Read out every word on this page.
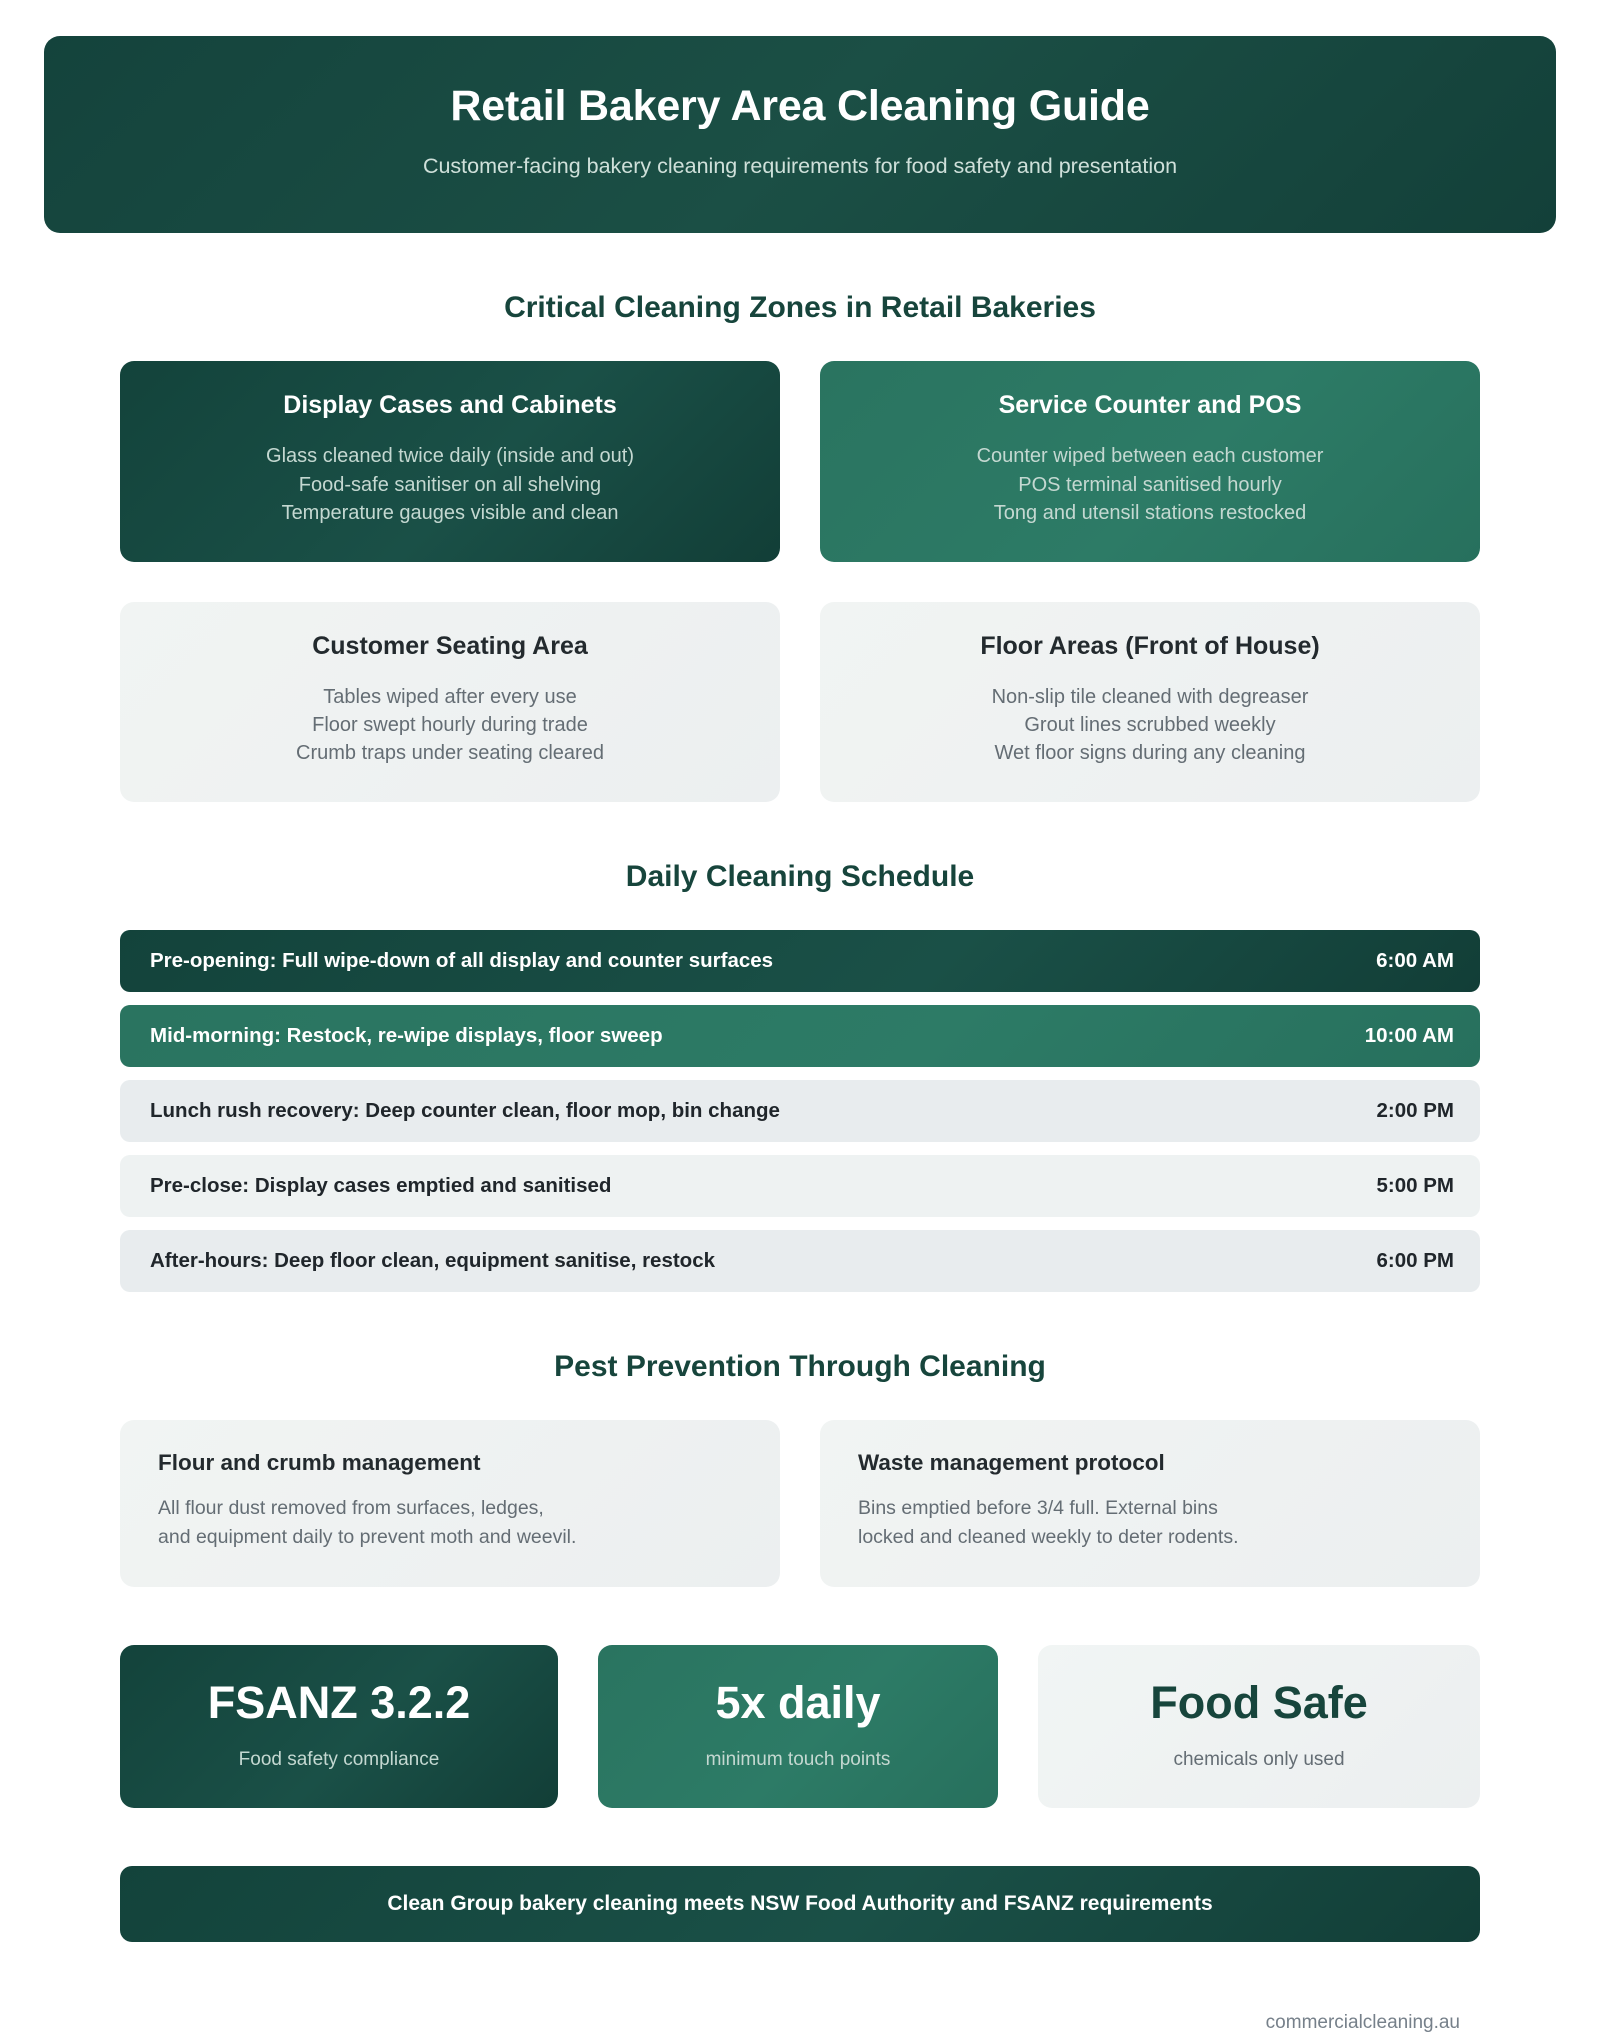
Retail Bakery Area Cleaning Guide
Customer-facing bakery cleaning requirements for food safety and presentation
Critical Cleaning Zones in Retail Bakeries
Display Cases and Cabinets
Glass cleaned twice daily (inside and out)
Food-safe sanitiser on all shelving
Temperature gauges visible and clean
Service Counter and POS
Counter wiped between each customer
POS terminal sanitised hourly
Tong and utensil stations restocked
Customer Seating Area
Tables wiped after every use
Floor swept hourly during trade
Crumb traps under seating cleared
Floor Areas (Front of House)
Non-slip tile cleaned with degreaser
Grout lines scrubbed weekly
Wet floor signs during any cleaning
Daily Cleaning Schedule
Pre-opening: Full wipe-down of all display and counter surfaces	6:00 AM
Mid-morning: Restock, re-wipe displays, floor sweep	10:00 AM
Lunch rush recovery: Deep counter clean, floor mop, bin change	2:00 PM
Pre-close: Display cases emptied and sanitised	5:00 PM
After-hours: Deep floor clean, equipment sanitise, restock	6:00 PM
Pest Prevention Through Cleaning
Flour and crumb management
All flour dust removed from surfaces, ledges,
and equipment daily to prevent moth and weevil.
Waste management protocol
Bins emptied before 3/4 full. External bins
locked and cleaned weekly to deter rodents.
FSANZ 3.2.2
Food safety compliance
5x daily
minimum touch points
Food Safe
chemicals only used
Clean Group bakery cleaning meets NSW Food Authority and FSANZ requirements
commercialcleaning.au
